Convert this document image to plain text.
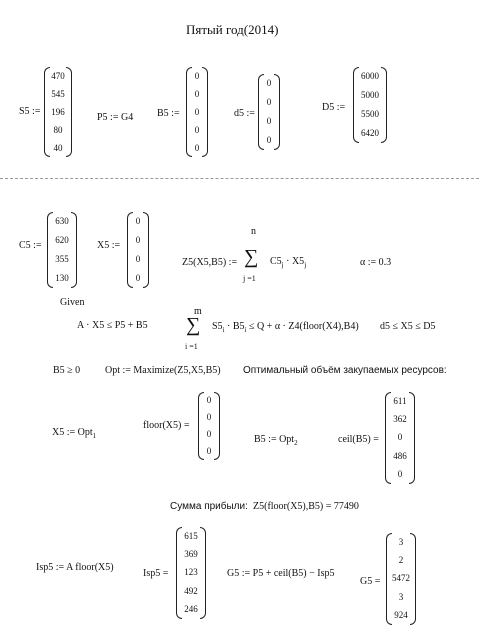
Пятый год(2014)
S5 :=
470
545
196
80
40
P5 := G4 B5 :=
0
0
0
0
0
d5 :=
0
0
0
0
D5 :=
6000
5000
5500
6420
C5 :=
630
620
355
130
X5 :=
0
0
0
0
Z5(X5,B5) :=
n
∑
j =1
$C5_j \cdot X5_j$	α := 0.3
Given
A · X5 ≤ P5 + B5
m
∑
i =1
$S5_i \cdot B5_i \le Q + \alpha$ · Z4(floor(X4),B4) d5 ≤ X5 ≤ D5
B5 ≥ 0 Opt := Maximize(Z5,X5,B5) Оптимальный объём закупаемых ресурсов:
X5 := Opt$_1$
floor(X5) =
0
0
0
0
B5 := Opt$_2$	ceil(B5) =
611
362
0
486
0
Сумма прибыли: Z5(floor(X5),B5) = 77490
Isp5 := A floor(X5)
Isp5 =
615
369
123
492
246
G5 := P5 + ceil(B5) − Isp5
G5 =
3
2
5472
3
924
